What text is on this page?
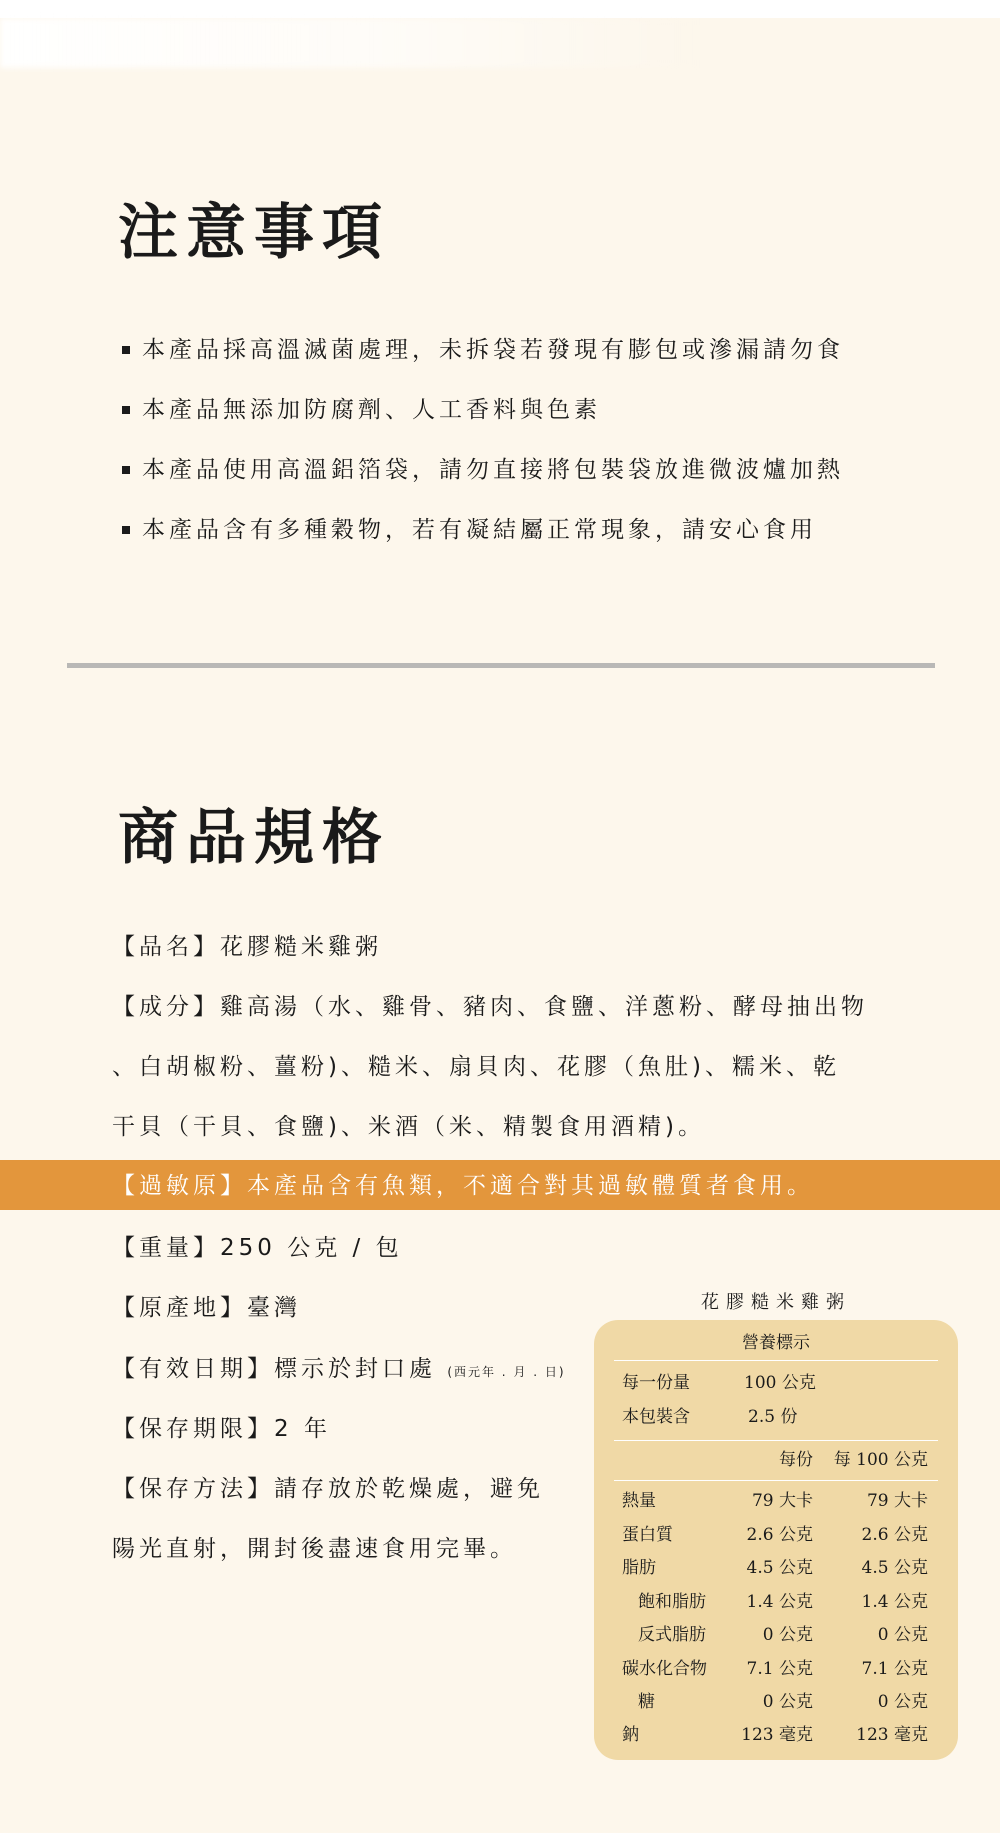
注意事項
本產品採高溫滅菌處理，未拆袋若發現有膨包或滲漏請勿食
本產品無添加防腐劑、人工香料與色素
本產品使用高溫鋁箔袋，請勿直接將包裝袋放進微波爐加熱
本產品含有多種穀物，若有凝結屬正常現象，請安心食用
商品規格
【品名】花膠糙米雞粥
【成分】雞高湯（水、雞骨、豬肉、食鹽、洋蔥粉、酵母抽出物
、白胡椒粉、薑粉)、糙米、扇貝肉、花膠（魚肚)、糯米、乾
干貝（干貝、食鹽)、米酒（米、精製食用酒精)。
【過敏原】本產品含有魚類，不適合對其過敏體質者食用。
【重量】250 公克 / 包
【原產地】臺灣
【有效日期】標示於封口處 (西元年 . 月 . 日)
【保存期限】2 年
【保存方法】請存放於乾燥處，避免
陽光直射，開封後盡速食用完畢。
花膠糙米雞粥
營養標示
每一份量	100 公克
本包裝含	2.5 份
每份 每 100 公克
熱量	79 大卡	79 大卡
蛋白質	2.6 公克	2.6 公克
脂肪	4.5 公克	4.5 公克
飽和脂肪 1.4 公克	1.4 公克
反式脂肪	0 公克	0 公克
碳水化合物 7.1 公克	7.1 公克
糖	0 公克	0 公克
鈉	123 毫克	123 毫克
